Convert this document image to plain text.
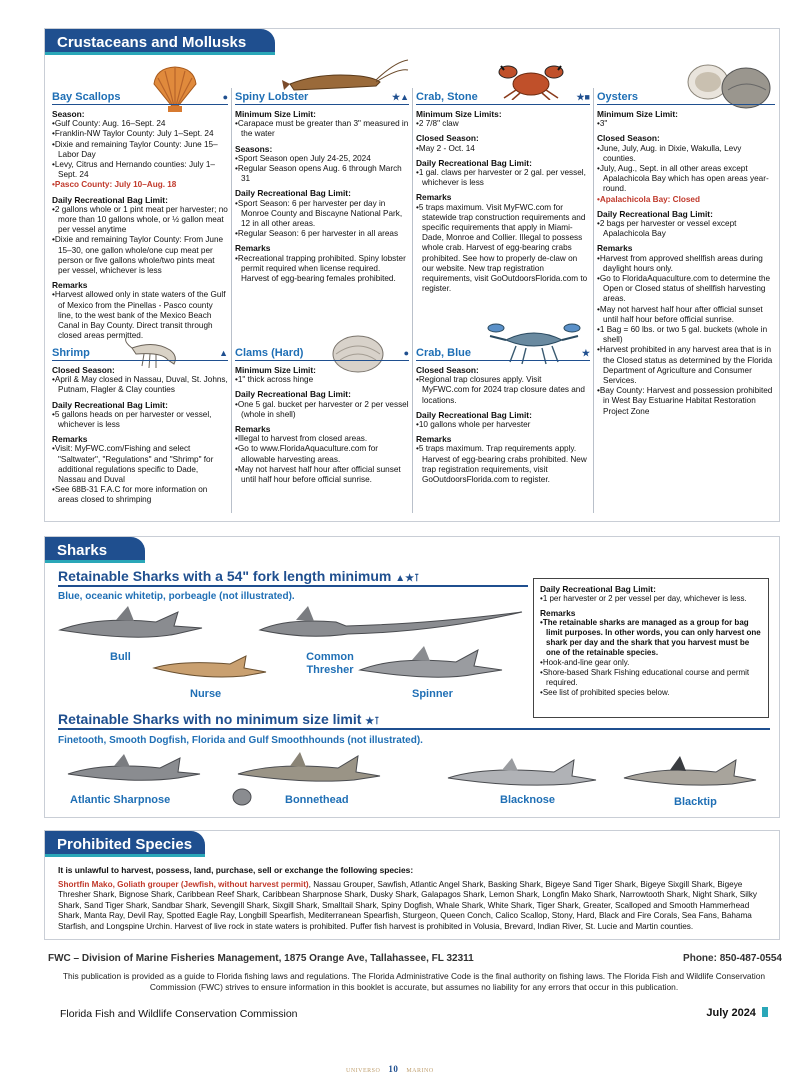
Crustaceans and Mollusks
Bay Scallops	●
Season:
• Gulf County: Aug. 16–Sept. 24
• Franklin-NW Taylor County: July 1–Sept. 24
• Dixie and remaining Taylor County: June 15–Labor Day
• Levy, Citrus and Hernando counties: July 1–Sept. 24
• Pasco County: July 10–Aug. 18
Daily Recreational Bag Limit:
• 2 gallons whole or 1 pint meat per harvester; no more than 10 gallons whole, or ½ gallon meat per vessel anytime
• Dixie and remaining Taylor County: From June 15–30, one gallon whole/one cup meat per person or five gallons whole/two pints meat per vessel, whichever is less
Remarks
• Harvest allowed only in state waters of the Gulf of Mexico from the Pinellas - Pasco county line, to the west bank of the Mexico Beach Canal in Bay County. Direct transit through closed areas permitted.
Shrimp	▲
Closed Season:
• April & May closed in Nassau, Duval, St. Johns, Putnam, Flagler & Clay counties
Daily Recreational Bag Limit:
• 5 gallons heads on per harvester or vessel, whichever is less
Remarks
• Visit: MyFWC.com/Fishing and select "Saltwater", "Regulations" and "Shrimp" for additional regulations specific to Dade, Nassau and Duval
• See 68B-31 F.A.C for more information on areas closed to shrimping
Spiny Lobster	★▲
Minimum Size Limit:
• Carapace must be greater than 3" measured in the water
Seasons:
• Sport Season open July 24-25, 2024
• Regular Season opens Aug. 6 through March 31
Daily Recreational Bag Limit:
• Sport Season: 6 per harvester per day in Monroe County and Biscayne National Park, 12 in all other areas.
• Regular Season: 6 per harvester in all areas
Remarks
• Recreational trapping prohibited. Spiny lobster permit required when license required. Harvest of egg-bearing females prohibited.
Clams (Hard)	●
Minimum Size Limit:
• 1" thick across hinge
Daily Recreational Bag Limit:
• One 5 gal. bucket per harvester or 2 per vessel (whole in shell)
Remarks
• Illegal to harvest from closed areas.
• Go to www.FloridaAquaculture.com for allowable harvesting areas.
• May not harvest half hour after official sunset until half hour before official sunrise.
Crab, Stone	★■
Minimum Size Limits:
• 2 7/8" claw
Closed Season:
• May 2 - Oct. 14
Daily Recreational Bag Limit:
• 1 gal. claws per harvester or 2 gal. per vessel, whichever is less
Remarks
• 5 traps maximum. Visit MyFWC.com for statewide trap construction requirements and specific requirements that apply in Miami-Dade, Monroe and Collier. Illegal to possess whole crab. Harvest of egg-bearing crabs prohibited. See how to properly de-claw on our website. New trap registration requirements, visit GoOutdoorsFlorida.com to register.
Crab, Blue	★
Closed Season:
• Regional trap closures apply. Visit MyFWC.com for 2024 trap closure dates and locations.
Daily Recreational Bag Limit:
• 10 gallons whole per harvester
Remarks
• 5 traps maximum. Trap requirements apply. Harvest of egg-bearing crabs prohibited. New trap registration requirements, visit GoOutdoorsFlorida.com to register.
Oysters
Minimum Size Limit:
• 3"
Closed Season:
• June, July, Aug. in Dixie, Wakulla, Levy counties.
• July, Aug., Sept. in all other areas except Apalachicola Bay which has open areas year-round.
• Apalachicola Bay: Closed
Daily Recreational Bag Limit:
• 2 bags per harvester or vessel except Apalachicola Bay
Remarks
• Harvest from approved shellfish areas during daylight hours only.
• Go to FloridaAquaculture.com to determine the Open or Closed status of shellfish harvesting areas.
• May not harvest half hour after official sunset until half hour before official sunrise.
• 1 Bag = 60 lbs. or two 5 gal. buckets (whole in shell)
• Harvest prohibited in any harvest area that is in the Closed status as determined by the Florida Department of Agriculture and Consumer Services.
• Bay County: Harvest and possession prohibited in West Bay Estuarine Habitat Restoration Project Zone
Sharks
Retainable Sharks with a 54" fork length minimum ▲★⊺
Blue, oceanic whitetip, porbeagle (not illustrated).
Bull	Common Thresher
Nurse	Spinner
Daily Recreational Bag Limit:
• 1 per harvester or 2 per vessel per day, whichever is less.
Remarks
• The retainable sharks are managed as a group for bag limit purposes. In other words, you can only harvest one shark per day and the shark that you harvest must be one of the retainable species.
• Hook-and-line gear only.
• Shore-based Shark Fishing educational course and permit required.
• See list of prohibited species below.
Retainable Sharks with no minimum size limit ★⊺
Finetooth, Smooth Dogfish, Florida and Gulf Smoothhounds (not illustrated).
Atlantic Sharpnose	Bonnethead	Blacknose	Blacktip
Prohibited Species
It is unlawful to harvest, possess, land, purchase, sell or exchange the following species:
Shortfin Mako, Goliath grouper (Jewfish, without harvest permit), Nassau Grouper, Sawfish, Atlantic Angel Shark, Basking Shark, Bigeye Sand Tiger Shark, Bigeye Sixgill Shark, Bigeye Thresher Shark, Bignose Shark, Caribbean Reef Shark, Caribbean Sharpnose Shark, Dusky Shark, Galapagos Shark, Lemon Shark, Longfin Mako Shark, Narrowtooth Shark, Night Shark, Silky Shark, Sand Tiger Shark, Sandbar Shark, Sevengill Shark, Sixgill Shark, Smalltail Shark, Spiny Dogfish, Whale Shark, White Shark, Tiger Shark, Greater, Scalloped and Smooth Hammerhead Shark, Manta Ray, Devil Ray, Spotted Eagle Ray, Longbill Spearfish, Mediterranean Spearfish, Sturgeon, Queen Conch, Calico Scallop, Stony, Hard, Black and Fire Corals, Sea Fans, Bahama Starfish, and Longspine Urchin. Harvest of live rock in state waters is prohibited. Puffer fish harvest is prohibited in Volusia, Brevard, Indian River, St. Lucie and Martin counties.
FWC – Division of Marine Fisheries Management, 1875 Orange Ave, Tallahassee, FL 32311	Phone: 850-487-0554
This publication is provided as a guide to Florida fishing laws and regulations. The Florida Administrative Code is the final authority on fishing laws. The Florida Fish and Wildlife Conservation Commission (FWC) strives to ensure information in this booklet is accurate, but assumes no liability for any errors that occur in this publication.
Florida Fish and Wildlife Conservation Commission	July 2024
UNIVERSO 10 MARINO
